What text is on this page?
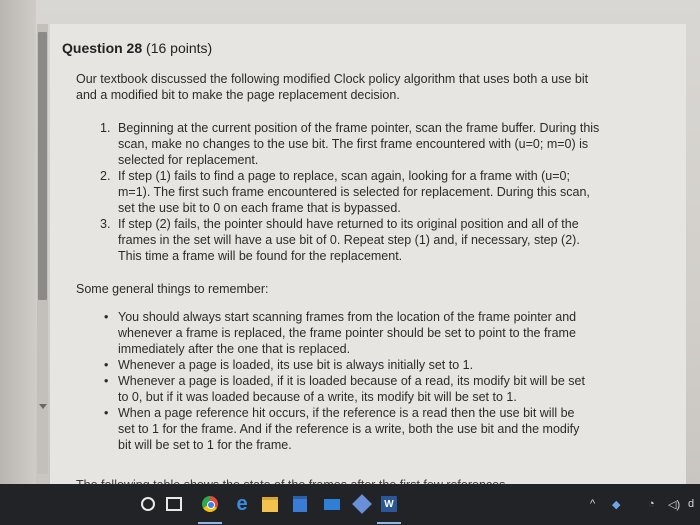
Question 28 (16 points)
Our textbook discussed the following modified Clock policy algorithm that uses both a use bit and a modified bit to make the page replacement decision.
1. Beginning at the current position of the frame pointer, scan the frame buffer. During this scan, make no changes to the use bit. The first frame encountered with (u=0; m=0) is selected for replacement.
2. If step (1) fails to find a page to replace, scan again, looking for a frame with (u=0; m=1). The first such frame encountered is selected for replacement. During this scan, set the use bit to 0 on each frame that is bypassed.
3. If step (2) fails, the pointer should have returned to its original position and all of the frames in the set will have a use bit of 0. Repeat step (1) and, if necessary, step (2). This time a frame will be found for the replacement.
Some general things to remember:
• You should always start scanning frames from the location of the frame pointer and whenever a frame is replaced, the frame pointer should be set to point to the frame immediately after the one that is replaced.
• Whenever a page is loaded, its use bit is always initially set to 1.
• Whenever a page is loaded, if it is loaded because of a read, its modify bit will be set to 0, but if it was loaded because of a write, its modify bit will be set to 1.
• When a page reference hit occurs, if the reference is a read then the use bit will be set to 1 for the frame. And if the reference is a write, both the use bit and the modify bit will be set to 1 for the frame.
e	W	^ ◆	◔ ◁) d
